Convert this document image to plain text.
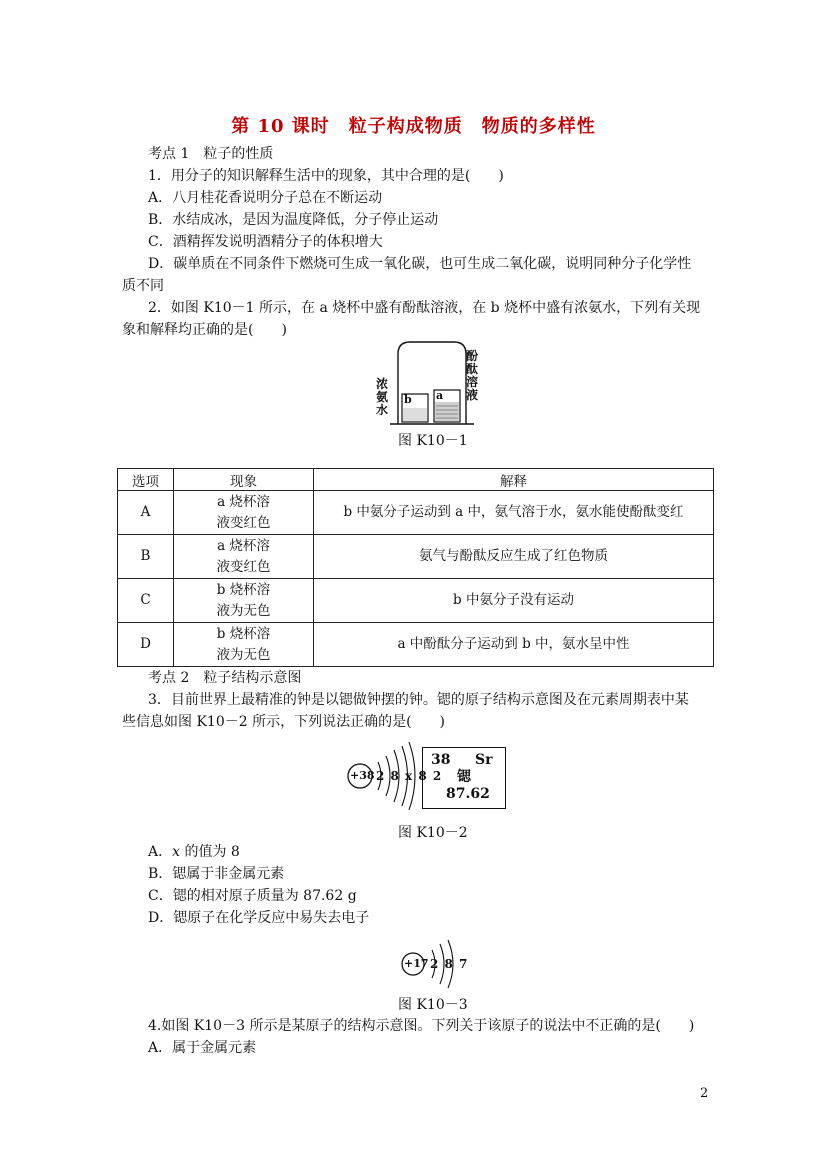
第 10 课时　粒子构成物质　物质的多样性
考点 1　粒子的性质
1．用分子的知识解释生活中的现象，其中合理的是(　　)
A．八月桂花香说明分子总在不断运动
B．水结成冰，是因为温度降低，分子停止运动
C．酒精挥发说明酒精分子的体积增大
D．碳单质在不同条件下燃烧可生成一氧化碳，也可生成二氧化碳，说明同种分子化学性
质不同
2．如图 K10－1 所示，在 a 烧杯中盛有酚酞溶液，在 b 烧杯中盛有浓氨水，下列有关现
象和解释均正确的是(　　)
b a
浓氨水
酚酞溶液
图 K10－1
选项	现象	解释
A	a 烧杯溶
液变红色	b 中氨分子运动到 a 中，氨气溶于水，氨水能使酚酞变红
B	a 烧杯溶
液变红色	氨气与酚酞反应生成了红色物质
C	b 烧杯溶
液为无色	b 中氨分子没有运动
D	b 烧杯溶
液为无色	a 中酚酞分子运动到 b 中，氨水呈中性
考点 2　粒子结构示意图
3．目前世界上最精准的钟是以锶做钟摆的钟。锶的原子结构示意图及在元素周期表中某
些信息如图 K10－2 所示，下列说法正确的是(　　)
+38 2 8 x 8 2
38 Sr
锶
87.62
图 K10－2
A．x 的值为 8
B．锶属于非金属元素
C．锶的相对原子质量为 87.62 g
D．锶原子在化学反应中易失去电子
+17 2 8 7
图 K10－3
4.如图 K10－3 所示是某原子的结构示意图。下列关于该原子的说法中不正确的是(　　)
A．属于金属元素
2
